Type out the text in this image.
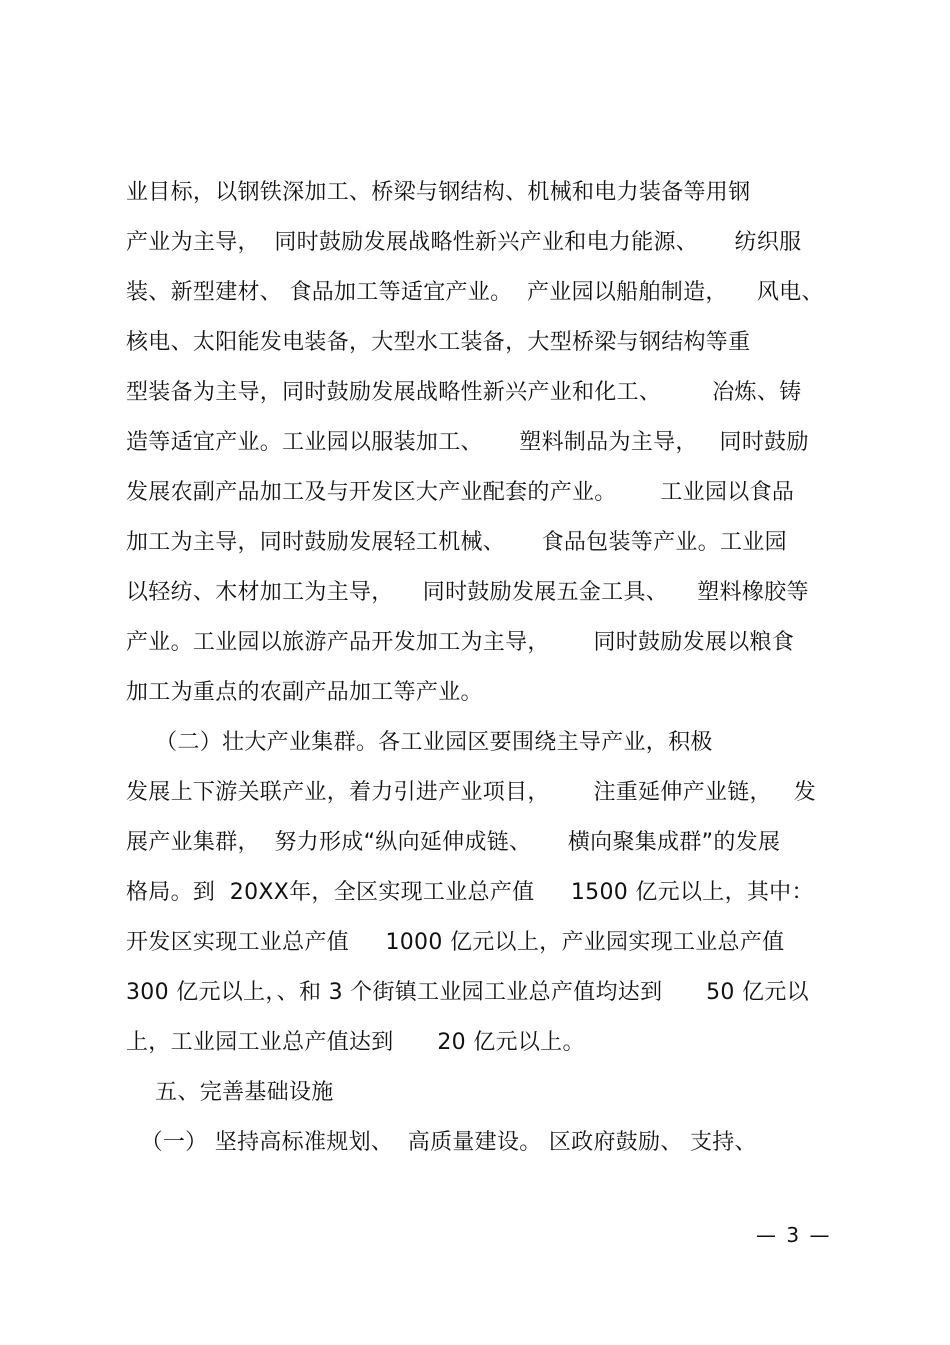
业目标，以钢铁深加工、桥梁与钢结构、机械和电力装备等用钢
产业为主导，  同时鼓励发展战略性新兴产业和电力能源、     纺织服
装、新型建材、 食品加工等适宜产业。  产业园以船舶制造，    风电、
核电、太阳能发电装备，大型水工装备，大型桥梁与钢结构等重
型装备为主导，同时鼓励发展战略性新兴产业和化工、       冶炼、铸
造等适宜产业。工业园以服装加工、     塑料制品为主导，   同时鼓励
发展农副产品加工及与开发区大产业配套的产业。      工业园以食品
加工为主导，同时鼓励发展轻工机械、     食品包装等产业。工业园
以轻纺、木材加工为主导，    同时鼓励发展五金工具、    塑料橡胶等
产业。工业园以旅游产品开发加工为主导，      同时鼓励发展以粮食
加工为重点的农副产品加工等产业。
（二）壮大产业集群。各工业园区要围绕主导产业，积极
发展上下游关联产业，着力引进产业项目，      注重延伸产业链，   发
展产业集群，  努力形成“纵向延伸成链、     横向聚集成群”的发展
格局。到  20XX年，全区实现工业总产值     1500 亿元以上，其中：
开发区实现工业总产值     1000 亿元以上，产业园实现工业总产值
300 亿元以上，、和 3 个街镇工业园工业总产值均达到      50 亿元以
上，工业园工业总产值达到      20 亿元以上。
五、完善基础设施
（一） 坚持高标准规划、  高质量建设。 区政府鼓励、 支持、
— 3 —
